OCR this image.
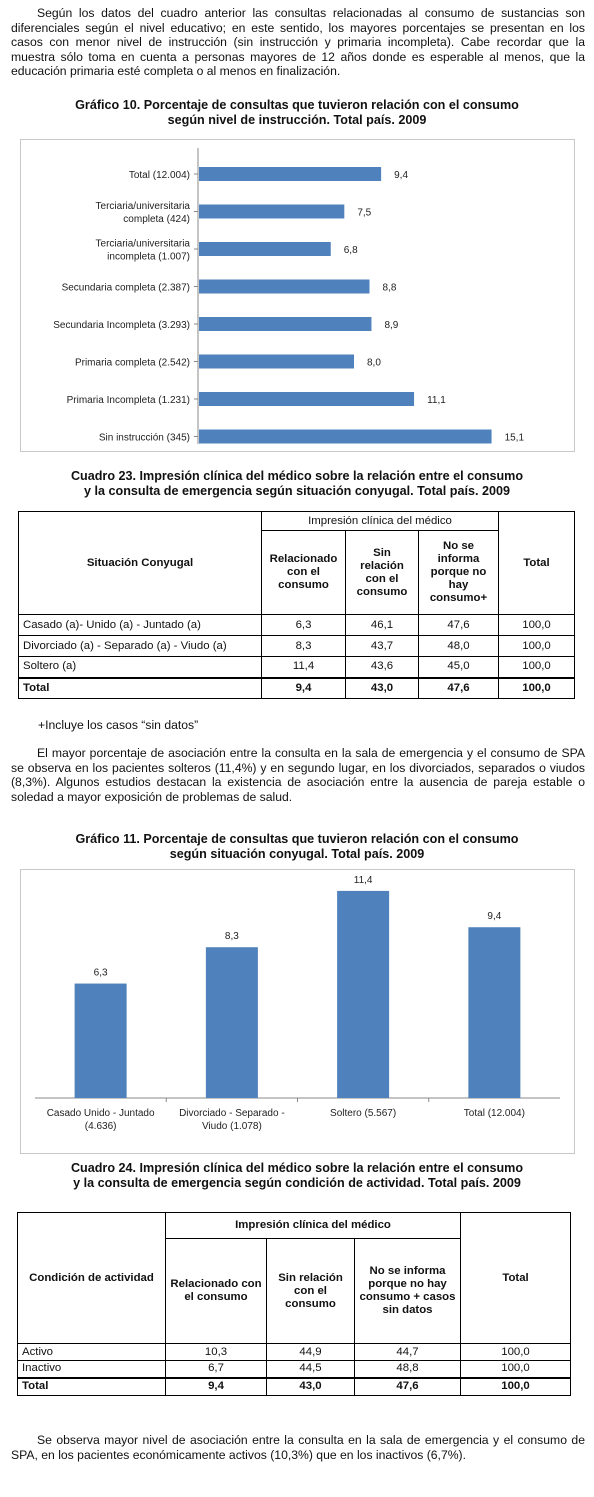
Según los datos del cuadro anterior las consultas relacionadas al consumo de sustancias son diferenciales según el nivel educativo; en este sentido, los mayores porcentajes se presentan en los casos con menor nivel de instrucción (sin instrucción y primaria incompleta). Cabe recordar que la muestra sólo toma en cuenta a personas mayores de 12 años donde es esperable al menos, que la educación primaria esté completa o al menos en finalización.

Gráfico 10. Porcentaje de consultas que tuvieron relación con el consumo
según nivel de instrucción. Total país. 2009

9,4
Total (12.004)
7,5
Terciaria/universitaria completa (424)
6,8
Terciaria/universitaria incompleta (1.007)
8,8
Secundaria completa (2.387)
8,9
Secundaria Incompleta (3.293)
8,0
Primaria completa (2.542)
11,1
Primaria Incompleta (1.231)
15,1
Sin instrucción (345)

Cuadro 23. Impresión clínica del médico sobre la relación entre el consumo
y la consulta de emergencia según situación conyugal. Total país. 2009

Situación Conyugal	Impresión clínica del médico			Total
	Relacionado con el consumo	Sin relación con el consumo	No se informa porque no hay consumo+	
Casado (a)- Unido (a) - Juntado (a)	6,3	46,1	47,6	100,0
Divorciado (a) - Separado (a) - Viudo (a)	8,3	43,7	48,0	100,0
Soltero (a)	11,4	43,6	45,0	100,0
Total	9,4	43,0	47,6	100,0

+Incluye los casos “sin datos”

El mayor porcentaje de asociación entre la consulta en la sala de emergencia y el consumo de SPA se observa en los pacientes solteros (11,4%) y en segundo lugar, en los divorciados, separados o viudos (8,3%). Algunos estudios destacan la existencia de asociación entre la ausencia de pareja estable o soledad a mayor exposición de problemas de salud.

Gráfico 11. Porcentaje de consultas que tuvieron relación con el consumo
según situación conyugal. Total país. 2009

6,3
Casado Unido - Juntado (4.636)
8,3
Divorciado - Separado -Viudo (1.078)
11,4
Soltero (5.567)
9,4
Total (12.004)

Cuadro 24. Impresión clínica del médico sobre la relación entre el consumo
y la consulta de emergencia según condición de actividad. Total país. 2009

Condición de actividad	Impresión clínica del médico			Total
	Relacionado con el consumo	Sin relación con el consumo	No se informa porque no hay consumo + casos sin datos	
Activo	10,3	44,9	44,7	100,0
Inactivo	6,7	44,5	48,8	100,0
Total	9,4	43,0	47,6	100,0

Se observa mayor nivel de asociación entre la consulta en la sala de emergencia y el consumo de SPA, en los pacientes económicamente activos (10,3%) que en los inactivos (6,7%).
